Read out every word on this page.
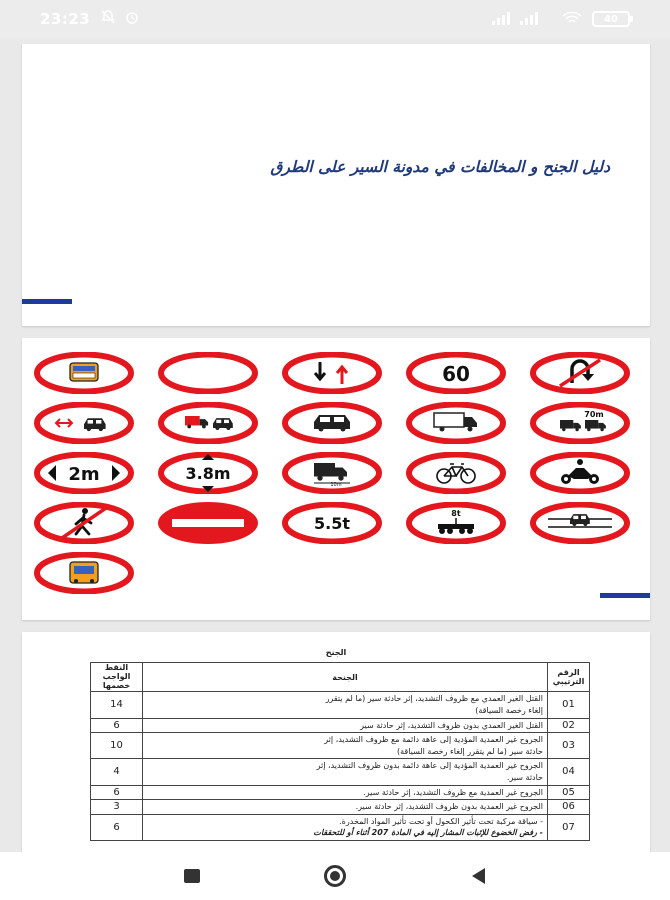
23:23	40
دليل الجنح و المخالفات في مدونة السير على الطرق
60
70m
2m	3.8m
10m
5.5t
8t
الجنح
الرقم الترتيبي	الجنحة	النقط الواجب خصمها
01	القتل الغير العمدي مع ظروف التشديد، إثر حادثة سير (ما لم يتقرر
إلغاء رخصة السياقة)	14
02	القتل الغير العمدي بدون ظروف التشديد، إثر حادثة سير	6
03	الجروح غير العمدية المؤدية إلى عاهة دائمة مع ظروف التشديد، إثر
حادثة سير (ما لم يتقرر إلغاء رخصة السياقة)	10
04	الجروح غير العمدية المؤدية إلى عاهة دائمة بدون ظروف التشديد، إثر
حادثة سير.	4
05	الجروح غير العمدية مع ظروف التشديد، إثر حادثة سير.	6
06	الجروح غير العمدية بدون ظروف التشديد، إثر حادثة سير.	3
07	- سياقة مركبة تحت تأثير الكحول أو تحت تأثير المواد المخدرة.
- رفض الخضوع للإثبات المشار إليه في المادة 207 أثناء أو للتحققات	6
